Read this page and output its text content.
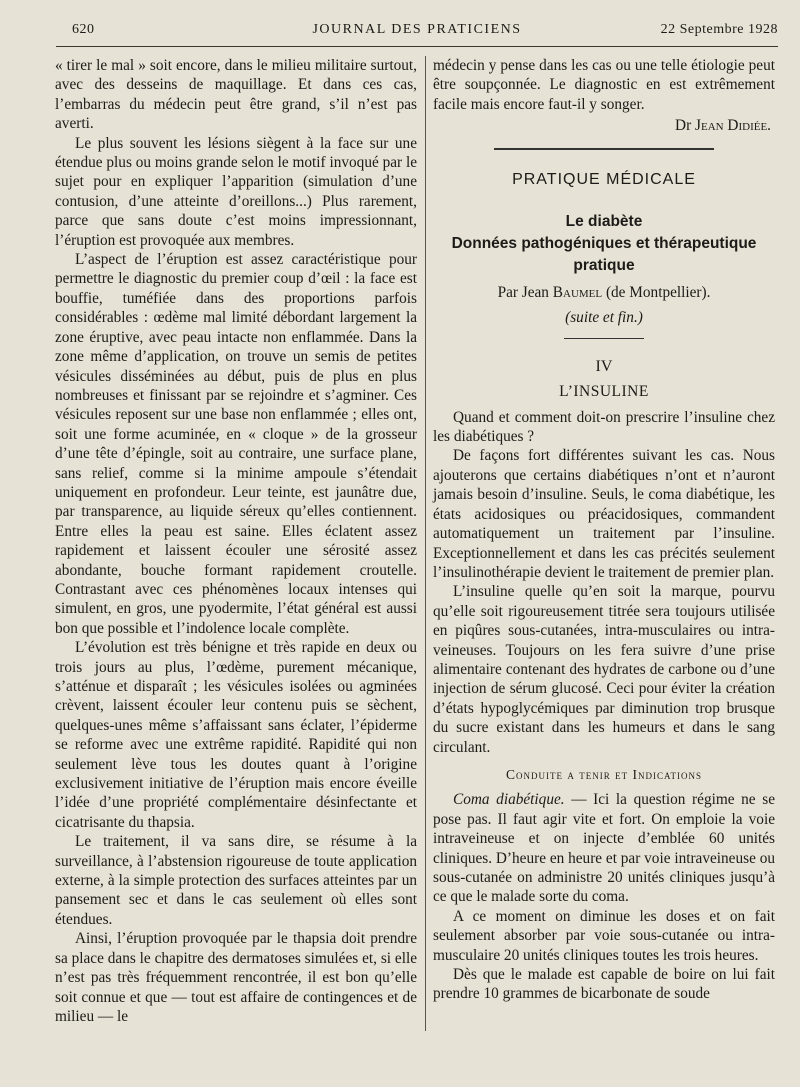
620	JOURNAL DES PRATICIENS	22 Septembre 1928

« tirer le mal » soit encore, dans le milieu militaire surtout, avec des desseins de maquillage. Et dans ces cas, l’embarras du médecin peut être grand, s’il n’est pas averti.

Le plus souvent les lésions siègent à la face sur une étendue plus ou moins grande selon le motif invoqué par le sujet pour en expliquer l’apparition (simulation d’une contusion, d’une atteinte d’oreillons...) Plus rarement, parce que sans doute c’est moins impressionnant, l’éruption est provoquée aux membres.

L’aspect de l’éruption est assez caractéristique pour permettre le diagnostic du premier coup d’œil : la face est bouffie, tuméfiée dans des proportions parfois considérables : œdème mal limité débordant largement la zone éruptive, avec peau intacte non enflammée. Dans la zone même d’application, on trouve un semis de petites vésicules disséminées au début, puis de plus en plus nombreuses et finissant par se rejoindre et s’agminer. Ces vésicules reposent sur une base non enflammée ; elles ont, soit une forme acuminée, en « cloque » de la grosseur d’une tête d’épingle, soit au contraire, une surface plane, sans relief, comme si la minime ampoule s’étendait uniquement en profondeur. Leur teinte, est jaunâtre due, par transparence, au liquide séreux qu’elles contiennent. Entre elles la peau est saine. Elles éclatent assez rapidement et laissent écouler une sérosité assez abondante, bouche formant rapidement croutelle. Contrastant avec ces phénomènes locaux intenses qui simulent, en gros, une pyodermite, l’état général est aussi bon que possible et l’indolence locale complète.

L’évolution est très bénigne et très rapide en deux ou trois jours au plus, l’œdème, purement mécanique, s’atténue et disparaît ; les vésicules isolées ou agminées crèvent, laissent écouler leur contenu puis se sèchent, quelques-unes même s’affaissant sans éclater, l’épiderme se reforme avec une extrême rapidité. Rapidité qui non seulement lève tous les doutes quant à l’origine exclusivement initiative de l’éruption mais encore éveille l’idée d’une propriété complémentaire désinfectante et cicatrisante du thapsia.

Le traitement, il va sans dire, se résume à la surveillance, à l’abstension rigoureuse de toute application externe, à la simple protection des surfaces atteintes par un pansement sec et dans le cas seulement où elles sont étendues.

Ainsi, l’éruption provoquée par le thapsia doit prendre sa place dans le chapitre des dermatoses simulées et, si elle n’est pas très fréquemment rencontrée, il est bon qu’elle soit connue et que — tout est affaire de contingences et de milieu — le

médecin y pense dans les cas ou une telle étiologie peut être soupçonnée. Le diagnostic en est extrêmement facile mais encore faut-il y songer.

Dr Jean Didiée.
PRATIQUE MÉDICALE
Le diabète
Données pathogéniques et thérapeutique pratique
Par Jean Baumel (de Montpellier).
(suite et fin.)
IV
L’INSULINE

Quand et comment doit-on prescrire l’insuline chez les diabétiques ?

De façons fort différentes suivant les cas. Nous ajouterons que certains diabétiques n’ont et n’auront jamais besoin d’insuline. Seuls, le coma diabétique, les états acidosiques ou préacidosiques, commandent automatiquement un traitement par l’insuline. Exceptionnellement et dans les cas précités seulement l’insulinothérapie devient le traitement de premier plan.

L’insuline quelle qu’en soit la marque, pourvu qu’elle soit rigoureusement titrée sera toujours utilisée en piqûres sous-cutanées, intra-musculaires ou intra-veineuses. Toujours on les fera suivre d’une prise alimentaire contenant des hydrates de carbone ou d’une injection de sérum glucosé. Ceci pour éviter la création d’états hypoglycémiques par diminution trop brusque du sucre existant dans les humeurs et dans le sang circulant.

Conduite a tenir et Indications

Coma diabétique. — Ici la question régime ne se pose pas. Il faut agir vite et fort. On emploie la voie intraveineuse et on injecte d’emblée 60 unités cliniques. D’heure en heure et par voie intraveineuse ou sous-cutanée on administre 20 unités cliniques jusqu’à ce que le malade sorte du coma.

A ce moment on diminue les doses et on fait seulement absorber par voie sous-cutanée ou intra-musculaire 20 unités cliniques toutes les trois heures.

Dès que le malade est capable de boire on lui fait prendre 10 grammes de bicarbonate de soude
